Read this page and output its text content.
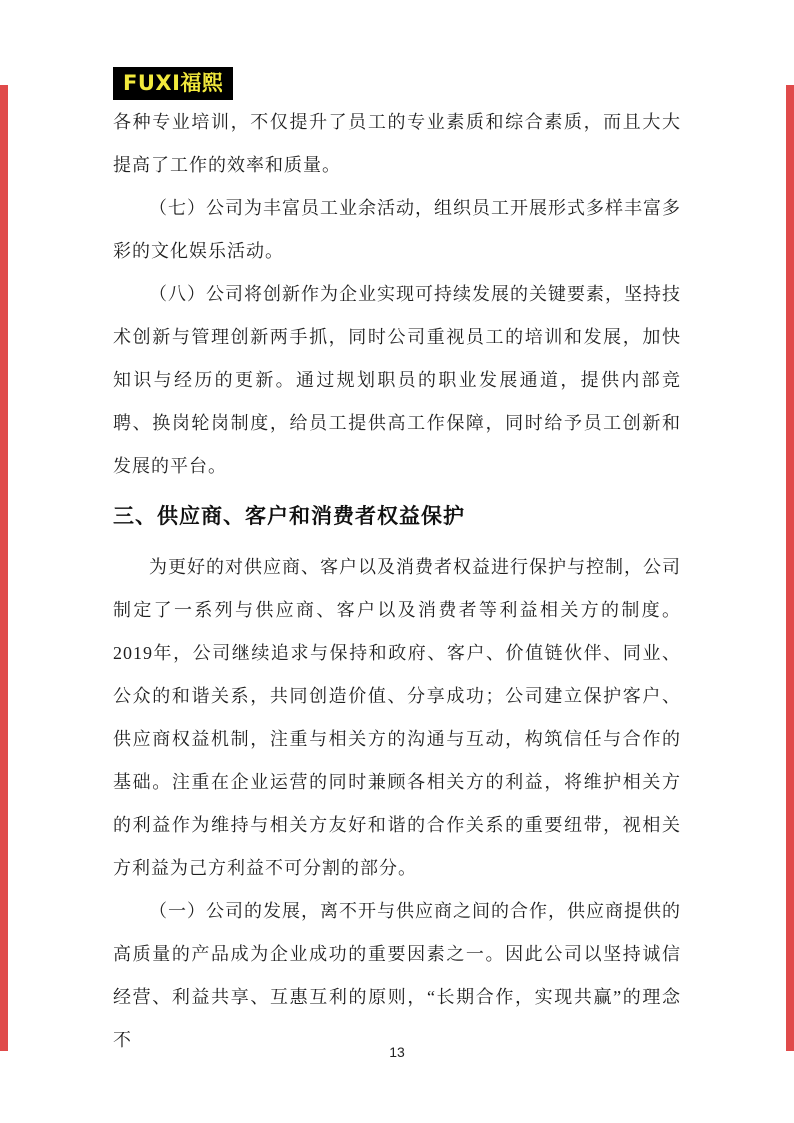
FUXI福熙

各种专业培训，不仅提升了员工的专业素质和综合素质，而且大大提高了工作的效率和质量。

（七）公司为丰富员工业余活动，组织员工开展形式多样丰富多彩的文化娱乐活动。

（八）公司将创新作为企业实现可持续发展的关键要素，坚持技术创新与管理创新两手抓，同时公司重视员工的培训和发展，加快知识与经历的更新。通过规划职员的职业发展通道，提供内部竞聘、换岗轮岗制度，给员工提供高工作保障，同时给予员工创新和发展的平台。

三、供应商、客户和消费者权益保护

为更好的对供应商、客户以及消费者权益进行保护与控制，公司制定了一系列与供应商、客户以及消费者等利益相关方的制度。2019年，公司继续追求与保持和政府、客户、价值链伙伴、同业、公众的和谐关系，共同创造价值、分享成功；公司建立保护客户、供应商权益机制，注重与相关方的沟通与互动，构筑信任与合作的基础。注重在企业运营的同时兼顾各相关方的利益，将维护相关方的利益作为维持与相关方友好和谐的合作关系的重要纽带，视相关方利益为己方利益不可分割的部分。

（一）公司的发展，离不开与供应商之间的合作，供应商提供的高质量的产品成为企业成功的重要因素之一。因此公司以坚持诚信经营、利益共享、互惠互利的原则，“长期合作，实现共赢”的理念不

13
